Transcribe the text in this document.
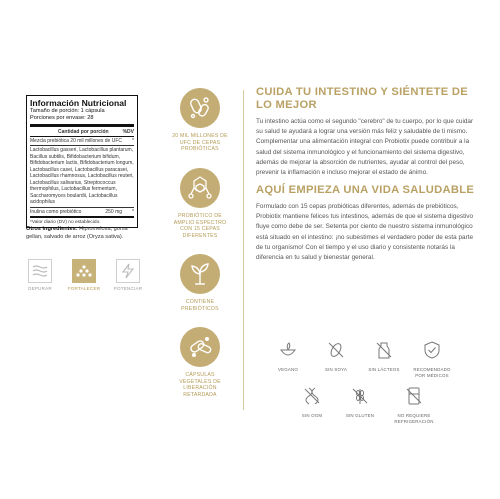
Información Nutricional
Tamaño de porción: 1 cápsula
Porciones por envase: 28
Cantidad por porción	%DV
Mezcla prebiótica 20 mil millones de UFC *
Lactobacillus gasseri, Lactobacillus plantarum, Bacillus subtilis, Bifidobacterium bifidum, Bifidobacterium lactis, Bifidobacterium longum, Lactobacillus casei, Lactobacillus paracasei, Lactobacillus rhamnosus, Lactobacillus reuteri, Lactobacillus salivarius, Streptococcus thermophilus, Lactobacillus fermentum, Saccharomyces boulardii, Lactobacillus acidophilus
Inulina como prebiótico	250 mg *
*Valor diario (DV) no establecido.
Otros ingredientes: Hipromelosa, goma gellan, salvado de arroz (Oryza sativa).
DEPURAR	FORTALECER	POTENCIAR
20 MIL MILLONES DE UFC DE CEPAS PROBIÓTICAS
PROBIÓTICO DE AMPLIO ESPECTRO CON 15 CEPAS DIFERENTES
CONTIENE PREBIÓTICOS
CÁPSULAS VEGETALES DE LIBERACIÓN RETARDADA
CUIDA TU INTESTINO Y SIÉNTETE DE LO MEJOR
Tu intestino actúa como el segundo "cerebro" de tu cuerpo, por lo que cuidar su salud te ayudará a lograr una versión más feliz y saludable de ti mismo. Complementar una alimentación integral con Probiotix puede contribuir a la salud del sistema inmunológico y el funcionamiento del sistema digestivo, además de mejorar la absorción de nutrientes, ayudar al control del peso, prevenir la inflamación e incluso mejorar el estado de ánimo.
AQUÍ EMPIEZA UNA VIDA SALUDABLE
Formulado con 15 cepas probióticas diferentes, además de prebióticos, Probiotix mantiene felices tus intestinos, además de que el sistema digestivo fluye como debe de ser. Setenta por ciento de nuestro sistema inmunológico está situado en el intestino: ¡no subestimes el verdadero poder de esta parte de tu organismo! Con el tiempo y el uso diario y consistente notarás la diferencia en tu salud y bienestar general.
VEGANO	SIN SOYA	SIN LÁCTEOS	RECOMENDADO POR MÉDICOS
SIN OGM	SIN GLUTEN	NO REQUIERE REFRIGERACIÓN
